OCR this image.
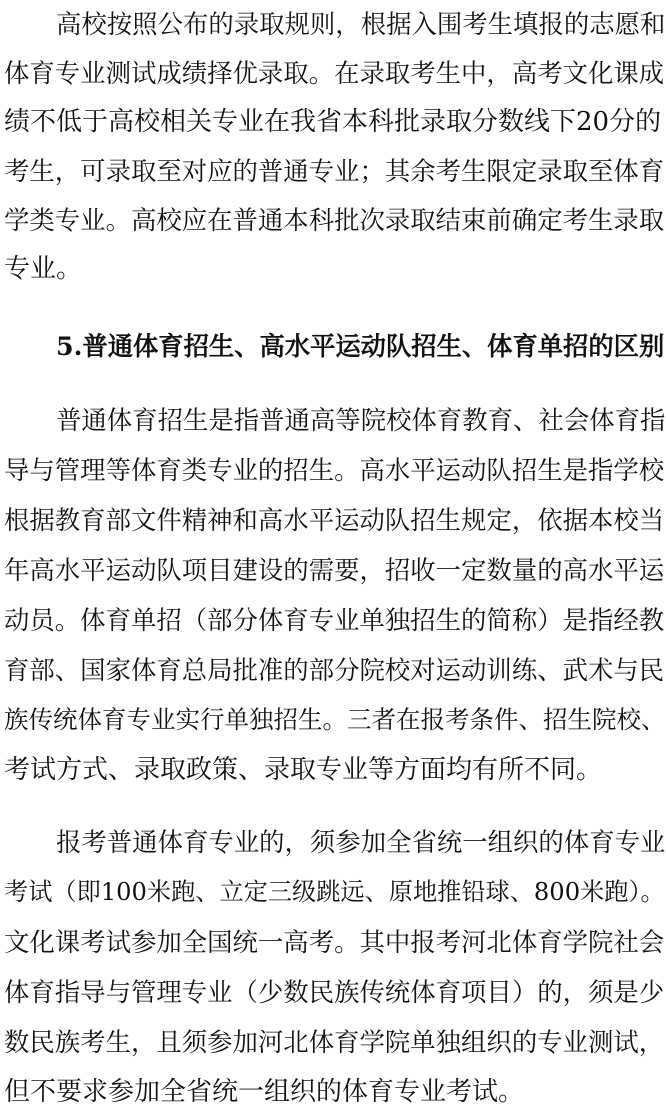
高校按照公布的录取规则，根据入围考生填报的志愿和
体育专业测试成绩择优录取。在录取考生中，高考文化课成
绩不低于高校相关专业在我省本科批录取分数线下20分的
考生，可录取至对应的普通专业；其余考生限定录取至体育
学类专业。高校应在普通本科批次录取结束前确定考生录取
专业。
5.普通体育招生、高水平运动队招生、体育单招的区别
普通体育招生是指普通高等院校体育教育、社会体育指
导与管理等体育类专业的招生。高水平运动队招生是指学校
根据教育部文件精神和高水平运动队招生规定，依据本校当
年高水平运动队项目建设的需要，招收一定数量的高水平运
动员。体育单招（部分体育专业单独招生的简称）是指经教
育部、国家体育总局批准的部分院校对运动训练、武术与民
族传统体育专业实行单独招生。三者在报考条件、招生院校、
考试方式、录取政策、录取专业等方面均有所不同。
报考普通体育专业的，须参加全省统一组织的体育专业
考试（即100米跑、立定三级跳远、原地推铅球、800米跑）。
文化课考试参加全国统一高考。其中报考河北体育学院社会
体育指导与管理专业（少数民族传统体育项目）的，须是少
数民族考生，且须参加河北体育学院单独组织的专业测试，
但不要求参加全省统一组织的体育专业考试。
